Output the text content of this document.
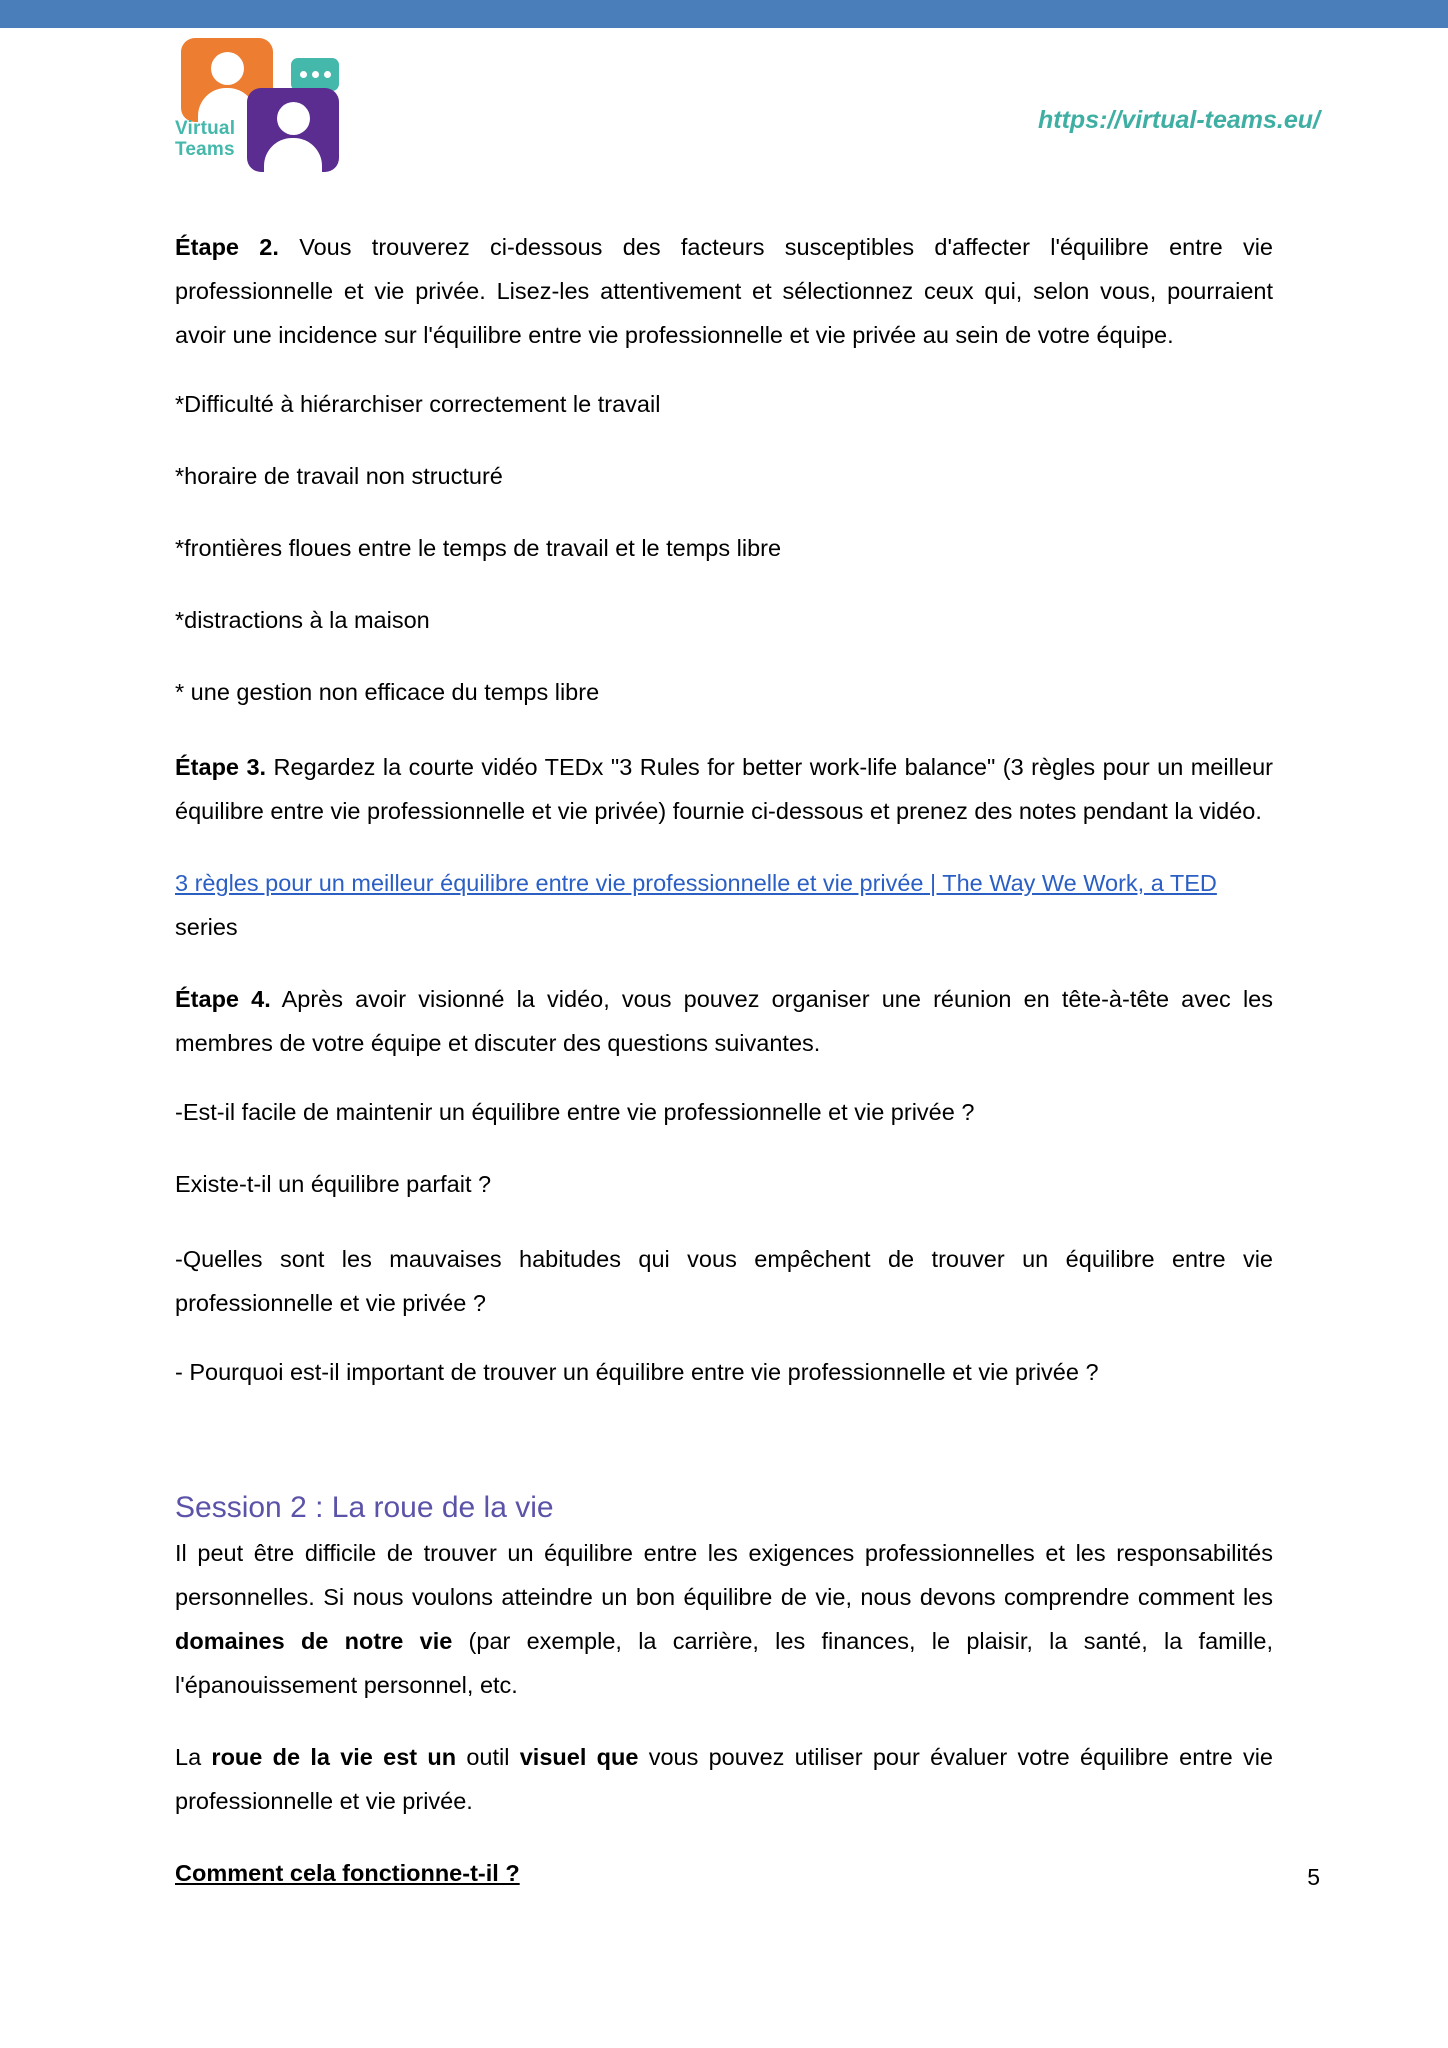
Virtual
Teams
https://virtual-teams.eu/

Étape 2. Vous trouverez ci-dessous des facteurs susceptibles d'affecter l'équilibre entre vie professionnelle et vie privée. Lisez-les attentivement et sélectionnez ceux qui, selon vous, pourraient avoir une incidence sur l'équilibre entre vie professionnelle et vie privée au sein de votre équipe.

*Difficulté à hiérarchiser correctement le travail

*horaire de travail non structuré

*frontières floues entre le temps de travail et le temps libre

*distractions à la maison

* une gestion non efficace du temps libre

Étape 3. Regardez la courte vidéo TEDx "3 Rules for better work-life balance" (3 règles pour un meilleur équilibre entre vie professionnelle et vie privée) fournie ci-dessous et prenez des notes pendant la vidéo.

3 règles pour un meilleur équilibre entre vie professionnelle et vie privée | The Way We Work, a TED series

Étape 4. Après avoir visionné la vidéo, vous pouvez organiser une réunion en tête-à-tête avec les membres de votre équipe et discuter des questions suivantes.

-Est-il facile de maintenir un équilibre entre vie professionnelle et vie privée ?

Existe-t-il un équilibre parfait ?

-Quelles sont les mauvaises habitudes qui vous empêchent de trouver un équilibre entre vie professionnelle et vie privée ?

- Pourquoi est-il important de trouver un équilibre entre vie professionnelle et vie privée ?

Session 2 : La roue de la vie

Il peut être difficile de trouver un équilibre entre les exigences professionnelles et les responsabilités personnelles. Si nous voulons atteindre un bon équilibre de vie, nous devons comprendre comment les domaines de notre vie (par exemple, la carrière, les finances, le plaisir, la santé, la famille, l'épanouissement personnel, etc.

La roue de la vie est un outil visuel que vous pouvez utiliser pour évaluer votre équilibre entre vie professionnelle et vie privée.

Comment cela fonctionne-t-il ?	5
